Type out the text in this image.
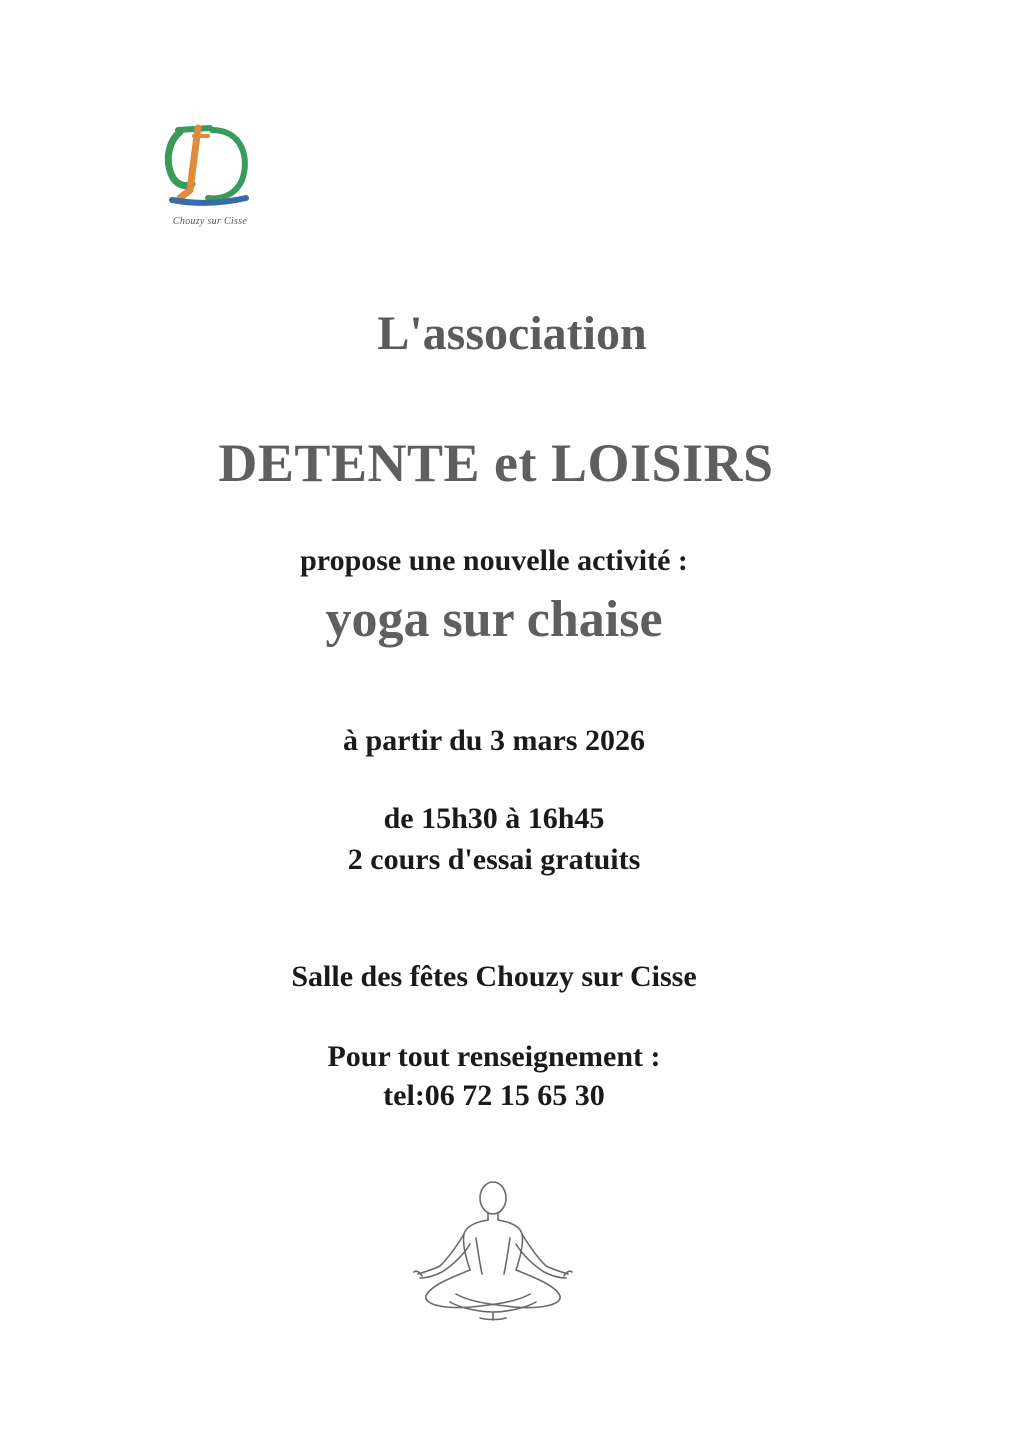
Chouzy sur Cisse
L'association
DETENTE et LOISIRS
propose une nouvelle activité :
yoga sur chaise
à partir du 3 mars 2026
de 15h30 à 16h45
2 cours d'essai gratuits
Salle des fêtes Chouzy sur Cisse
Pour tout renseignement :
tel:06 72 15 65 30
